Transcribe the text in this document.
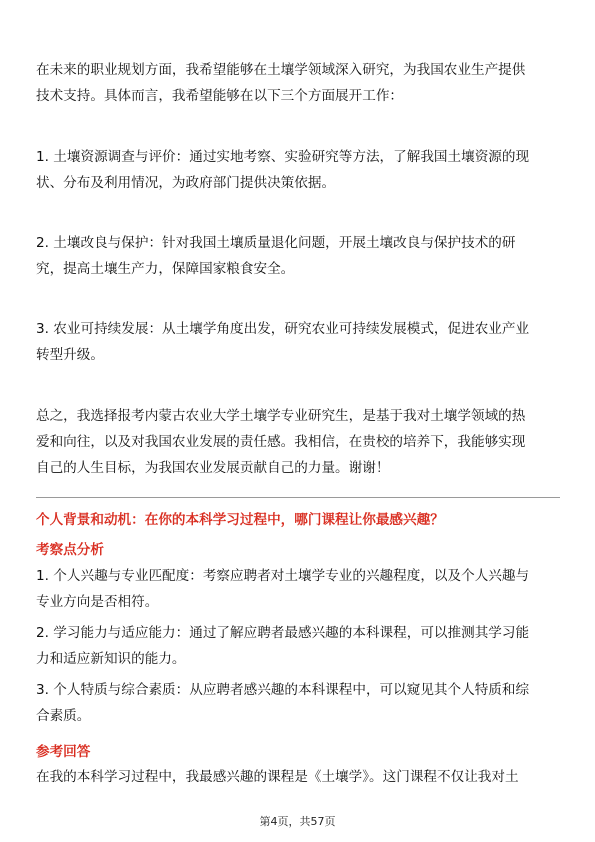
在未来的职业规划方面，我希望能够在土壤学领域深入研究，为我国农业生产提供
技术支持。具体而言，我希望能够在以下三个方面展开工作：

1. 土壤资源调查与评价：通过实地考察、实验研究等方法，了解我国土壤资源的现
状、分布及利用情况，为政府部门提供决策依据。

2. 土壤改良与保护：针对我国土壤质量退化问题，开展土壤改良与保护技术的研
究，提高土壤生产力，保障国家粮食安全。

3. 农业可持续发展：从土壤学角度出发，研究农业可持续发展模式，促进农业产业
转型升级。

总之，我选择报考内蒙古农业大学土壤学专业研究生，是基于我对土壤学领域的热
爱和向往，以及对我国农业发展的责任感。我相信，在贵校的培养下，我能够实现
自己的人生目标，为我国农业发展贡献自己的力量。谢谢！

个人背景和动机：在你的本科学习过程中，哪门课程让你最感兴趣？

考察点分析

1. 个人兴趣与专业匹配度：考察应聘者对土壤学专业的兴趣程度，以及个人兴趣与
专业方向是否相符。

2. 学习能力与适应能力：通过了解应聘者最感兴趣的本科课程，可以推测其学习能
力和适应新知识的能力。

3. 个人特质与综合素质：从应聘者感兴趣的本科课程中，可以窥见其个人特质和综
合素质。

参考回答

在我的本科学习过程中，我最感兴趣的课程是《土壤学》。这门课程不仅让我对土

第4页，共57页
